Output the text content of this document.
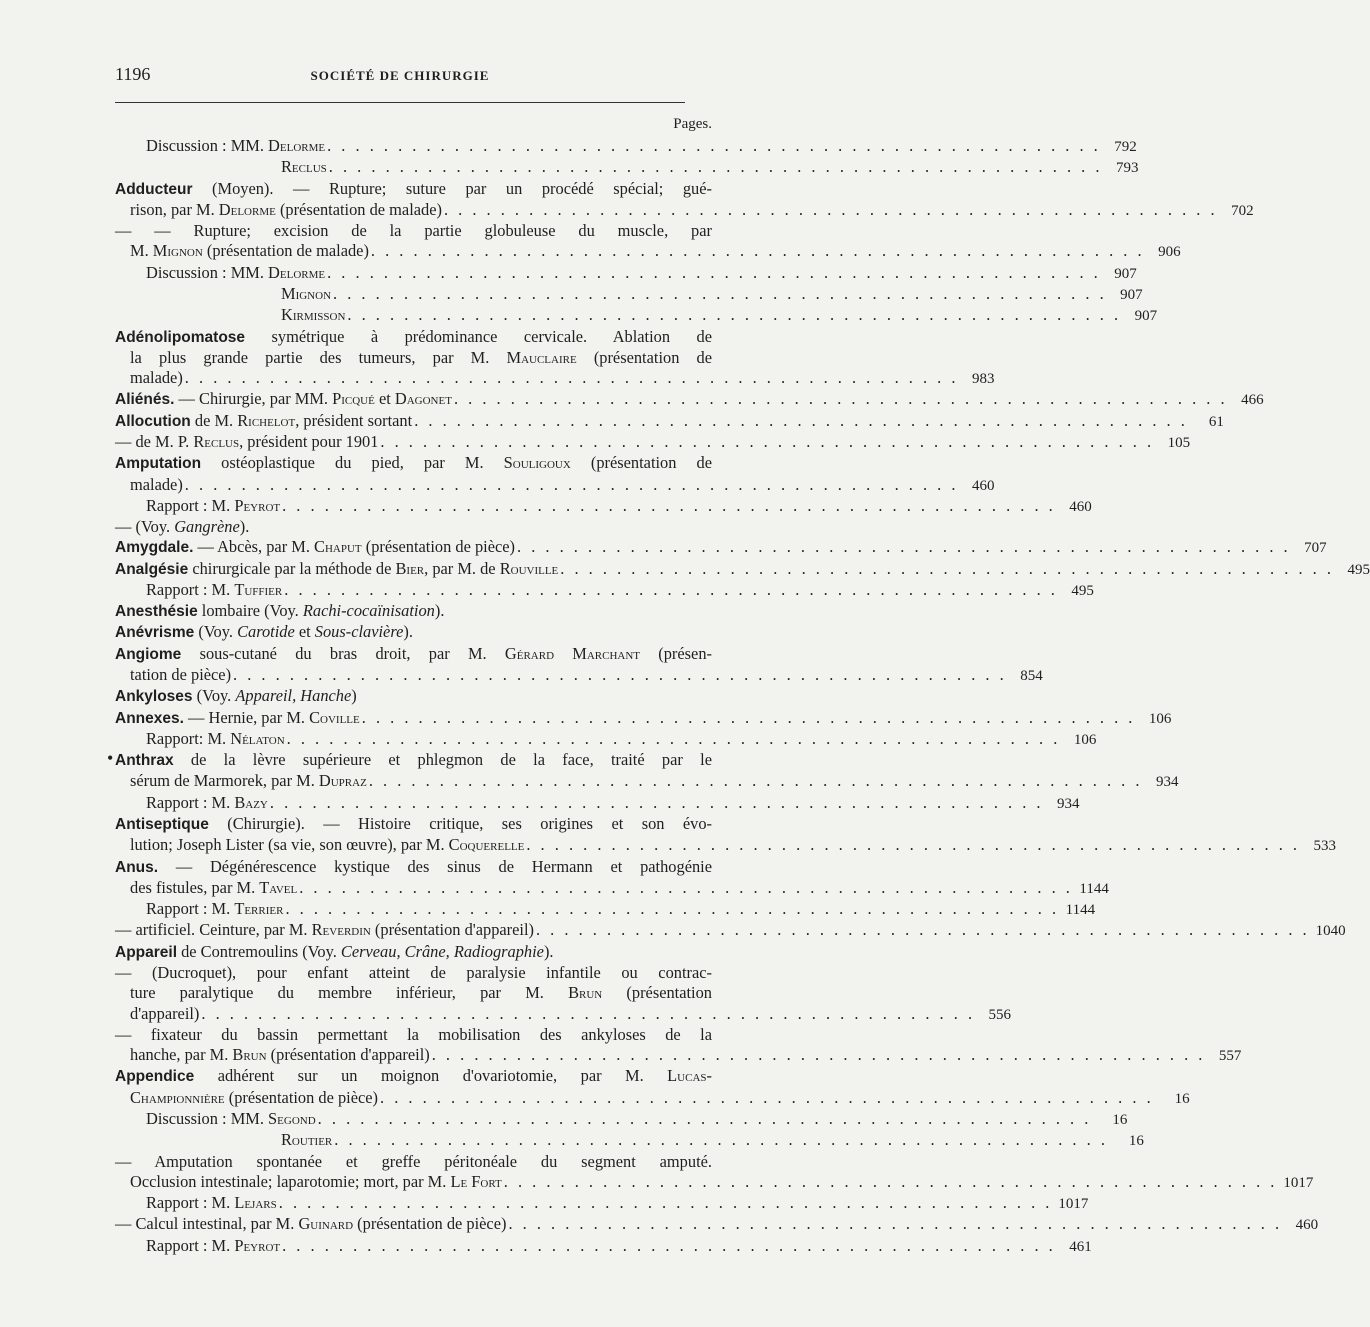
1196	SOCIÉTÉ DE CHIRURGIE
Pages.
Discussion : MM. Delorme . . . . . . . . . . . . . . . . . . . . . . . . . . . . . . . . . . . . . . . . . . . . . . . . . . . . . . . 792
Reclus . . . . . . . . . . . . . . . . . . . . . . . . . . . . . . . . . . . . . . . . . . . . . . . . . . . . . . . 793
Adducteur (Moyen). — Rupture; suture par un procédé spécial; gué-
rison, par M. Delorme (présentation de malade) . . . . . . . . . . . . . . . . . . . . . . . . . . . . . . . . . . . . . . . . . . . . . . . . . . . . . . . 702
— — Rupture; excision de la partie globuleuse du muscle, par
M. Mignon (présentation de malade) . . . . . . . . . . . . . . . . . . . . . . . . . . . . . . . . . . . . . . . . . . . . . . . . . . . . . . . 906
Discussion : MM. Delorme . . . . . . . . . . . . . . . . . . . . . . . . . . . . . . . . . . . . . . . . . . . . . . . . . . . . . . . 907
Mignon . . . . . . . . . . . . . . . . . . . . . . . . . . . . . . . . . . . . . . . . . . . . . . . . . . . . . . . 907
Kirmisson . . . . . . . . . . . . . . . . . . . . . . . . . . . . . . . . . . . . . . . . . . . . . . . . . . . . . . . 907
Adénolipomatose symétrique à prédominance cervicale. Ablation de
la plus grande partie des tumeurs, par M. Mauclaire (présentation de
malade) . . . . . . . . . . . . . . . . . . . . . . . . . . . . . . . . . . . . . . . . . . . . . . . . . . . . . . . 983
Aliénés. — Chirurgie, par MM. Picqué et Dagonet . . . . . . . . . . . . . . . . . . . . . . . . . . . . . . . . . . . . . . . . . . . . . . . . . . . . . . . 466
Allocution de M. Richelot, président sortant . . . . . . . . . . . . . . . . . . . . . . . . . . . . . . . . . . . . . . . . . . . . . . . . . . . . . . .	61
— de M. P. Reclus, président pour 1901 . . . . . . . . . . . . . . . . . . . . . . . . . . . . . . . . . . . . . . . . . . . . . . . . . . . . . . . 105
Amputation ostéoplastique du pied, par M. Souligoux (présentation de
malade) . . . . . . . . . . . . . . . . . . . . . . . . . . . . . . . . . . . . . . . . . . . . . . . . . . . . . . . 460
Rapport : M. Peyrot . . . . . . . . . . . . . . . . . . . . . . . . . . . . . . . . . . . . . . . . . . . . . . . . . . . . . . . 460
— (Voy. Gangrène).
Amygdale. — Abcès, par M. Chaput (présentation de pièce) . . . . . . . . . . . . . . . . . . . . . . . . . . . . . . . . . . . . . . . . . . . . . . . . . . . . . . . 707
Analgésie chirurgicale par la méthode de Bier, par M. de Rouville . . . . . . . . . . . . . . . . . . . . . . . . . . . . . . . . . . . . . . . . . . . . . . . . . . . . . . . 495
Rapport : M. Tuffier . . . . . . . . . . . . . . . . . . . . . . . . . . . . . . . . . . . . . . . . . . . . . . . . . . . . . . . 495
Anesthésie lombaire (Voy. Rachi-cocaïnisation).
Anévrisme (Voy. Carotide et Sous-clavière).
Angiome sous-cutané du bras droit, par M. Gérard Marchant (présen-
tation de pièce) . . . . . . . . . . . . . . . . . . . . . . . . . . . . . . . . . . . . . . . . . . . . . . . . . . . . . . . 854
Ankyloses (Voy. Appareil, Hanche)
Annexes. — Hernie, par M. Coville . . . . . . . . . . . . . . . . . . . . . . . . . . . . . . . . . . . . . . . . . . . . . . . . . . . . . . . 106
Rapport: M. Nélaton . . . . . . . . . . . . . . . . . . . . . . . . . . . . . . . . . . . . . . . . . . . . . . . . . . . . . . . 106
• Anthrax de la lèvre supérieure et phlegmon de la face, traité par le
sérum de Marmorek, par M. Dupraz . . . . . . . . . . . . . . . . . . . . . . . . . . . . . . . . . . . . . . . . . . . . . . . . . . . . . . . 934
Rapport : M. Bazy . . . . . . . . . . . . . . . . . . . . . . . . . . . . . . . . . . . . . . . . . . . . . . . . . . . . . . . 934
Antiseptique (Chirurgie). — Histoire critique, ses origines et son évo-
lution; Joseph Lister (sa vie, son œuvre), par M. Coquerelle . . . . . . . . . . . . . . . . . . . . . . . . . . . . . . . . . . . . . . . . . . . . . . . . . . . . . . . 533
Anus. — Dégénérescence kystique des sinus de Hermann et pathogénie
des fistules, par M. Tavel . . . . . . . . . . . . . . . . . . . . . . . . . . . . . . . . . . . . . . . . . . . . . . . . . . . . . . . 1144
Rapport : M. Terrier . . . . . . . . . . . . . . . . . . . . . . . . . . . . . . . . . . . . . . . . . . . . . . . . . . . . . . . 1144
— artificiel. Ceinture, par M. Reverdin (présentation d'appareil) . . . . . . . . . . . . . . . . . . . . . . . . . . . . . . . . . . . . . . . . . . . . . . . . . . . . . . . 1040
Appareil de Contremoulins (Voy. Cerveau, Crâne, Radiographie).
— (Ducroquet), pour enfant atteint de paralysie infantile ou contrac-
ture paralytique du membre inférieur, par M. Brun (présentation
d'appareil) . . . . . . . . . . . . . . . . . . . . . . . . . . . . . . . . . . . . . . . . . . . . . . . . . . . . . . . 556
— fixateur du bassin permettant la mobilisation des ankyloses de la
hanche, par M. Brun (présentation d'appareil) . . . . . . . . . . . . . . . . . . . . . . . . . . . . . . . . . . . . . . . . . . . . . . . . . . . . . . . 557
Appendice adhérent sur un moignon d'ovariotomie, par M. Lucas-
Championnière (présentation de pièce) . . . . . . . . . . . . . . . . . . . . . . . . . . . . . . . . . . . . . . . . . . . . . . . . . . . . . . .	16
Discussion : MM. Segond . . . . . . . . . . . . . . . . . . . . . . . . . . . . . . . . . . . . . . . . . . . . . . . . . . . . . . .	16
Routier . . . . . . . . . . . . . . . . . . . . . . . . . . . . . . . . . . . . . . . . . . . . . . . . . . . . . . .	16
— Amputation spontanée et greffe péritonéale du segment amputé.
Occlusion intestinale; laparotomie; mort, par M. Le Fort . . . . . . . . . . . . . . . . . . . . . . . . . . . . . . . . . . . . . . . . . . . . . . . . . . . . . . . 1017
Rapport : M. Lejars . . . . . . . . . . . . . . . . . . . . . . . . . . . . . . . . . . . . . . . . . . . . . . . . . . . . . . . 1017
— Calcul intestinal, par M. Guinard (présentation de pièce) . . . . . . . . . . . . . . . . . . . . . . . . . . . . . . . . . . . . . . . . . . . . . . . . . . . . . . . 460
Rapport : M. Peyrot . . . . . . . . . . . . . . . . . . . . . . . . . . . . . . . . . . . . . . . . . . . . . . . . . . . . . . . 461
